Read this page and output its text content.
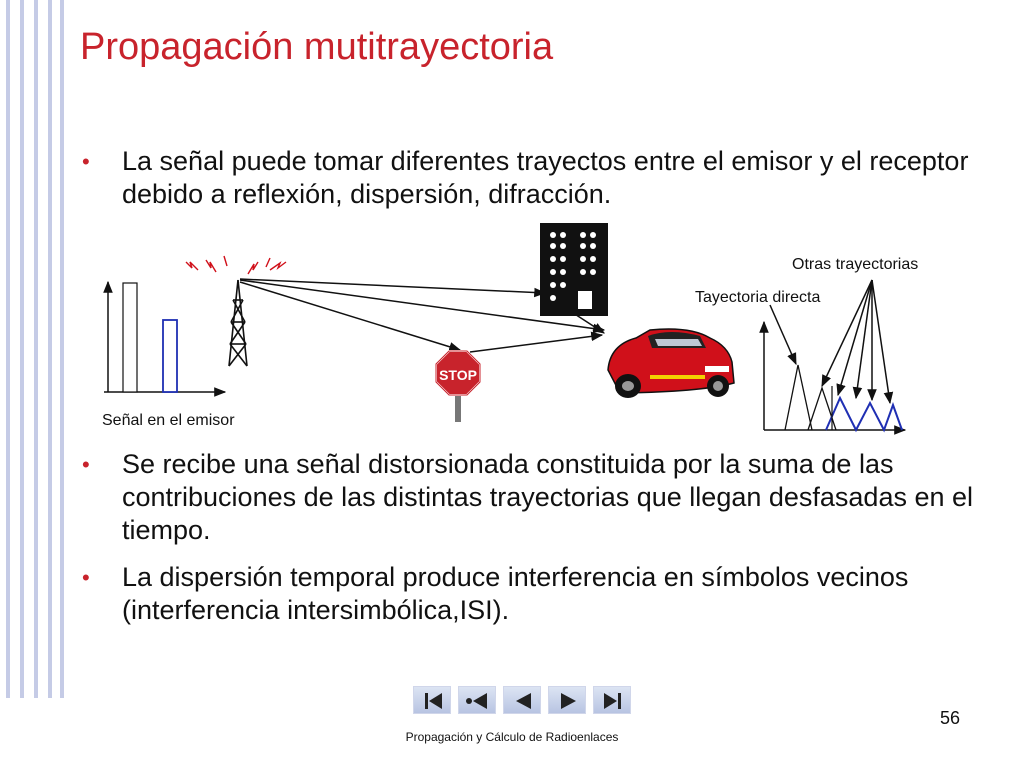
Propagación mutitrayectoria
• La señal puede tomar diferentes trayectos entre el emisor y el receptor debido a reflexión, dispersión, difracción.
• Se recibe una señal distorsionada constituida por la suma de las contribuciones de las distintas trayectorias que llegan desfasadas en el tiempo.
• La dispersión temporal produce interferencia en símbolos vecinos (interferencia intersimbólica,ISI).
STOP
Señal en el emisor
Tayectoria directa
Otras trayectorias
56
Propagación y Cálculo de Radioenlaces
